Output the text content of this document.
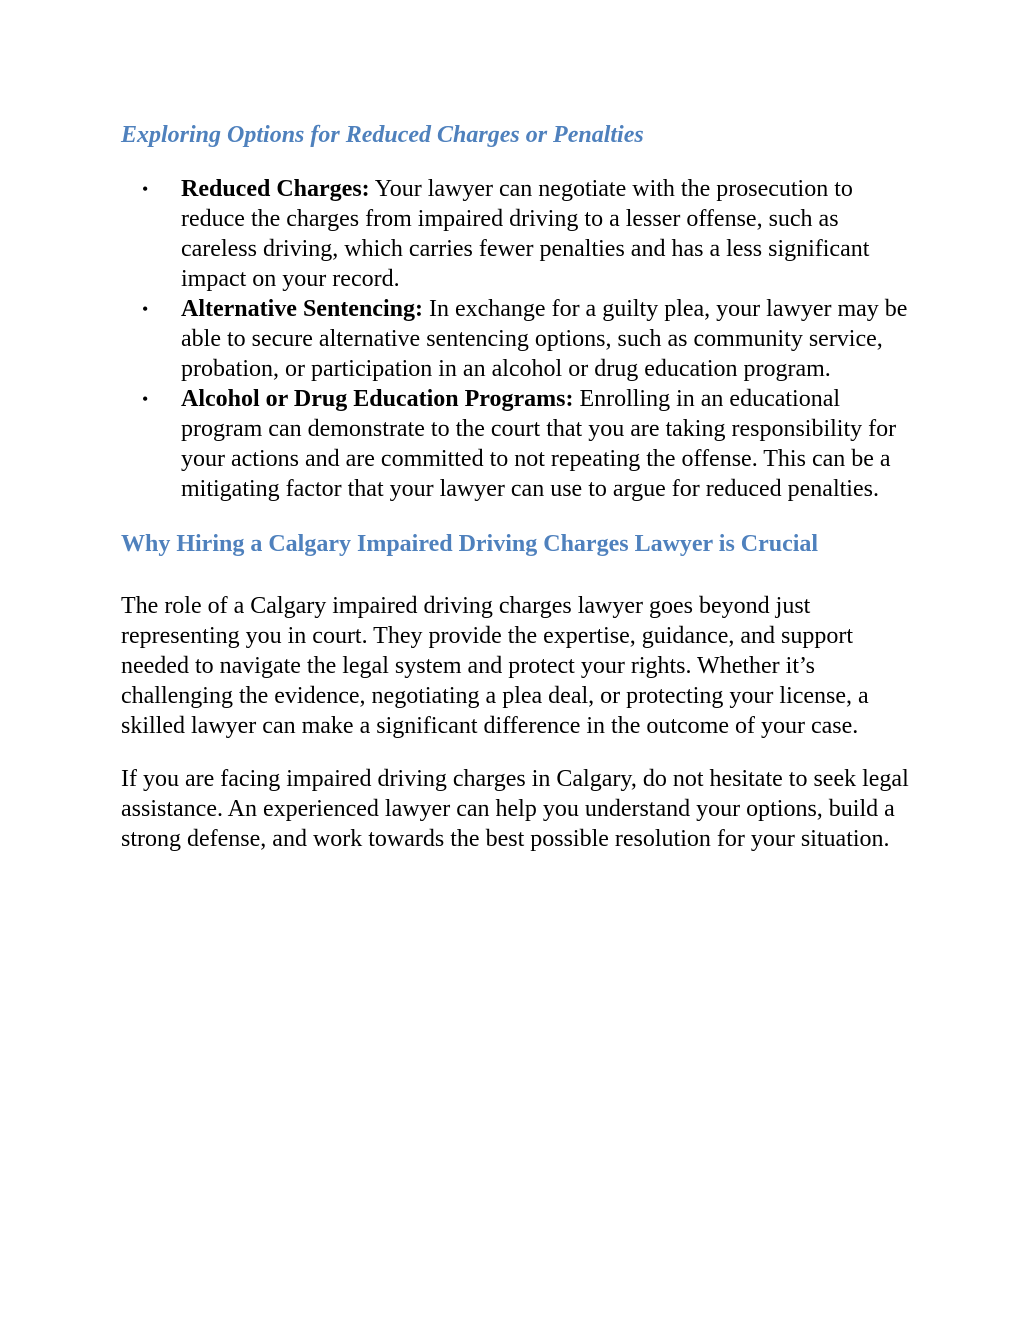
Exploring Options for Reduced Charges or Penalties
• Reduced Charges: Your lawyer can negotiate with the prosecution to reduce the charges from impaired driving to a lesser offense, such as careless driving, which carries fewer penalties and has a less significant impact on your record.
• Alternative Sentencing: In exchange for a guilty plea, your lawyer may be able to secure alternative sentencing options, such as community service, probation, or participation in an alcohol or drug education program.
• Alcohol or Drug Education Programs: Enrolling in an educational program can demonstrate to the court that you are taking responsibility for your actions and are committed to not repeating the offense. This can be a mitigating factor that your lawyer can use to argue for reduced penalties.
Why Hiring a Calgary Impaired Driving Charges Lawyer is Crucial

The role of a Calgary impaired driving charges lawyer goes beyond just representing you in court. They provide the expertise, guidance, and support needed to navigate the legal system and protect your rights. Whether it’s challenging the evidence, negotiating a plea deal, or protecting your license, a skilled lawyer can make a significant difference in the outcome of your case.

If you are facing impaired driving charges in Calgary, do not hesitate to seek legal assistance. An experienced lawyer can help you understand your options, build a strong defense, and work towards the best possible resolution for your situation.
